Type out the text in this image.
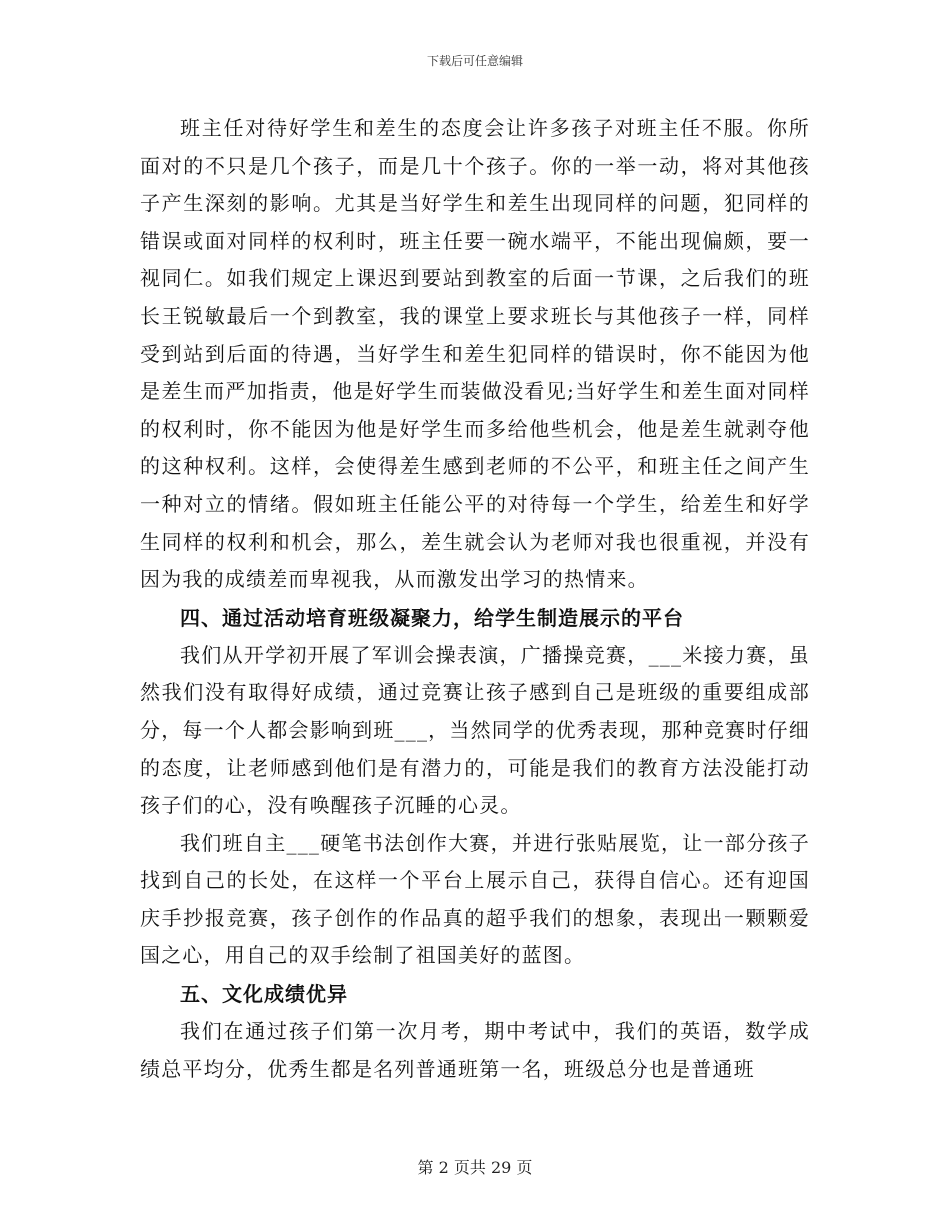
下载后可任意编辑

班主任对待好学生和差生的态度会让许多孩子对班主任不服。你所面对的不只是几个孩子，而是几十个孩子。你的一举一动，将对其他孩子产生深刻的影响。尤其是当好学生和差生出现同样的问题，犯同样的错误或面对同样的权利时，班主任要一碗水端平，不能出现偏颇，要一视同仁。如我们规定上课迟到要站到教室的后面一节课，之后我们的班长王锐敏最后一个到教室，我的课堂上要求班长与其他孩子一样，同样受到站到后面的待遇，当好学生和差生犯同样的错误时，你不能因为他是差生而严加指责，他是好学生而装做没看见;当好学生和差生面对同样的权利时，你不能因为他是好学生而多给他些机会，他是差生就剥夺他的这种权利。这样，会使得差生感到老师的不公平，和班主任之间产生一种对立的情绪。假如班主任能公平的对待每一个学生，给差生和好学生同样的权利和机会，那么，差生就会认为老师对我也很重视，并没有因为我的成绩差而卑视我，从而激发出学习的热情来。

四、通过活动培育班级凝聚力，给学生制造展示的平台

我们从开学初开展了军训会操表演，广播操竞赛，___米接力赛，虽然我们没有取得好成绩，通过竞赛让孩子感到自己是班级的重要组成部分，每一个人都会影响到班___，当然同学的优秀表现，那种竞赛时仔细的态度，让老师感到他们是有潜力的，可能是我们的教育方法没能打动孩子们的心，没有唤醒孩子沉睡的心灵。

我们班自主___硬笔书法创作大赛，并进行张贴展览，让一部分孩子找到自己的长处，在这样一个平台上展示自己，获得自信心。还有迎国庆手抄报竞赛，孩子创作的作品真的超乎我们的想象，表现出一颗颗爱国之心，用自己的双手绘制了祖国美好的蓝图。

五、文化成绩优异

我们在通过孩子们第一次月考，期中考试中，我们的英语，数学成绩总平均分，优秀生都是名列普通班第一名，班级总分也是普通班

第 2 页共 29 页
